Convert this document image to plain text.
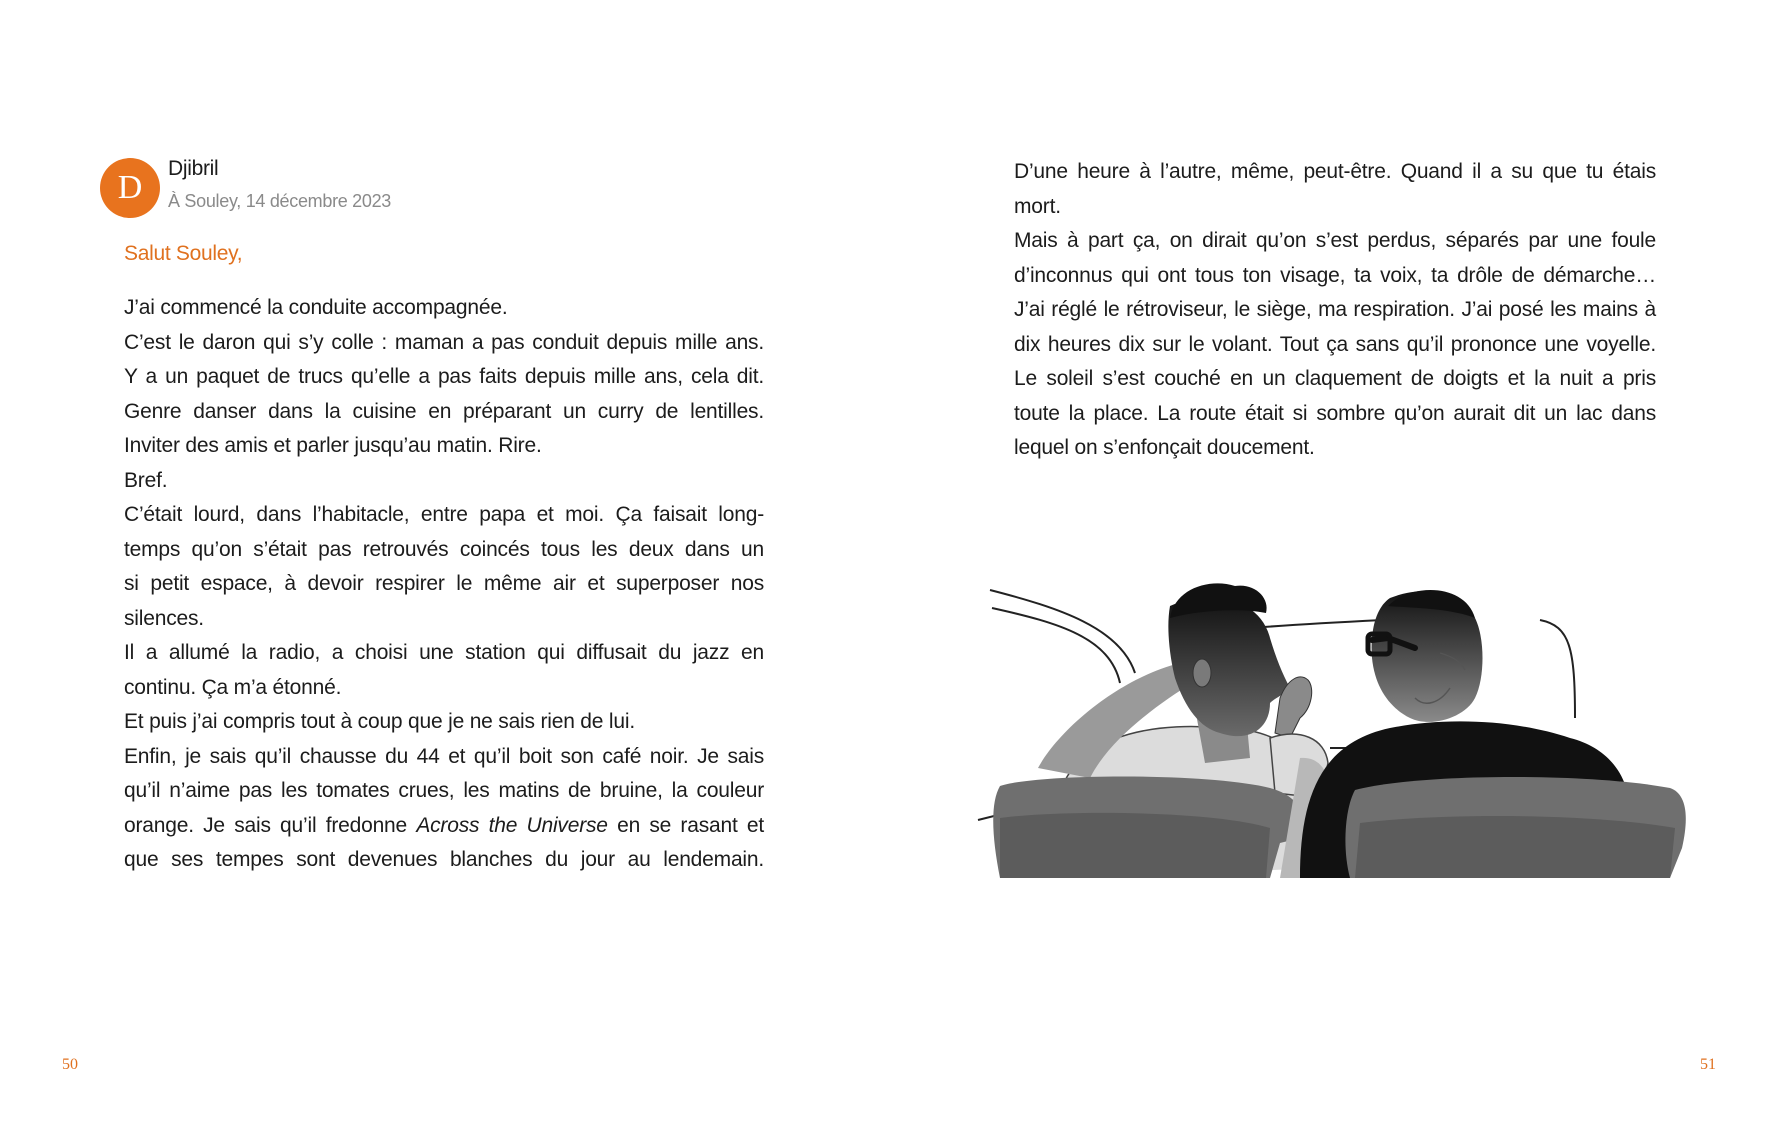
D
Djibril
À Souley, 14 décembre 2023
Salut Souley,
J’ai commencé la conduite accompagnée.
C’est le daron qui s’y colle : maman a pas conduit depuis mille ans.
Y a un paquet de trucs qu’elle a pas faits depuis mille ans, cela dit.
Genre danser dans la cuisine en préparant un curry de lentilles.
Inviter des amis et parler jusqu’au matin. Rire.
Bref.
C’était lourd, dans l’habitacle, entre papa et moi. Ça faisait long-
temps qu’on s’était pas retrouvés coincés tous les deux dans un
si petit espace, à devoir respirer le même air et superposer nos
silences.
Il a allumé la radio, a choisi une station qui diffusait du jazz en
continu. Ça m’a étonné.
Et puis j’ai compris tout à coup que je ne sais rien de lui.
Enfin, je sais qu’il chausse du 44 et qu’il boit son café noir. Je sais
qu’il n’aime pas les tomates crues, les matins de bruine, la couleur
orange. Je sais qu’il fredonne Across the Universe en se rasant et
que ses tempes sont devenues blanches du jour au lendemain.
50
D’une heure à l’autre, même, peut-être. Quand il a su que tu étais
mort.
Mais à part ça, on dirait qu’on s’est perdus, séparés par une foule
d’inconnus qui ont tous ton visage, ta voix, ta drôle de démarche…
J’ai réglé le rétroviseur, le siège, ma respiration. J’ai posé les mains à
dix heures dix sur le volant. Tout ça sans qu’il prononce une voyelle.
Le soleil s’est couché en un claquement de doigts et la nuit a pris
toute la place. La route était si sombre qu’on aurait dit un lac dans
lequel on s’enfonçait doucement.
51
